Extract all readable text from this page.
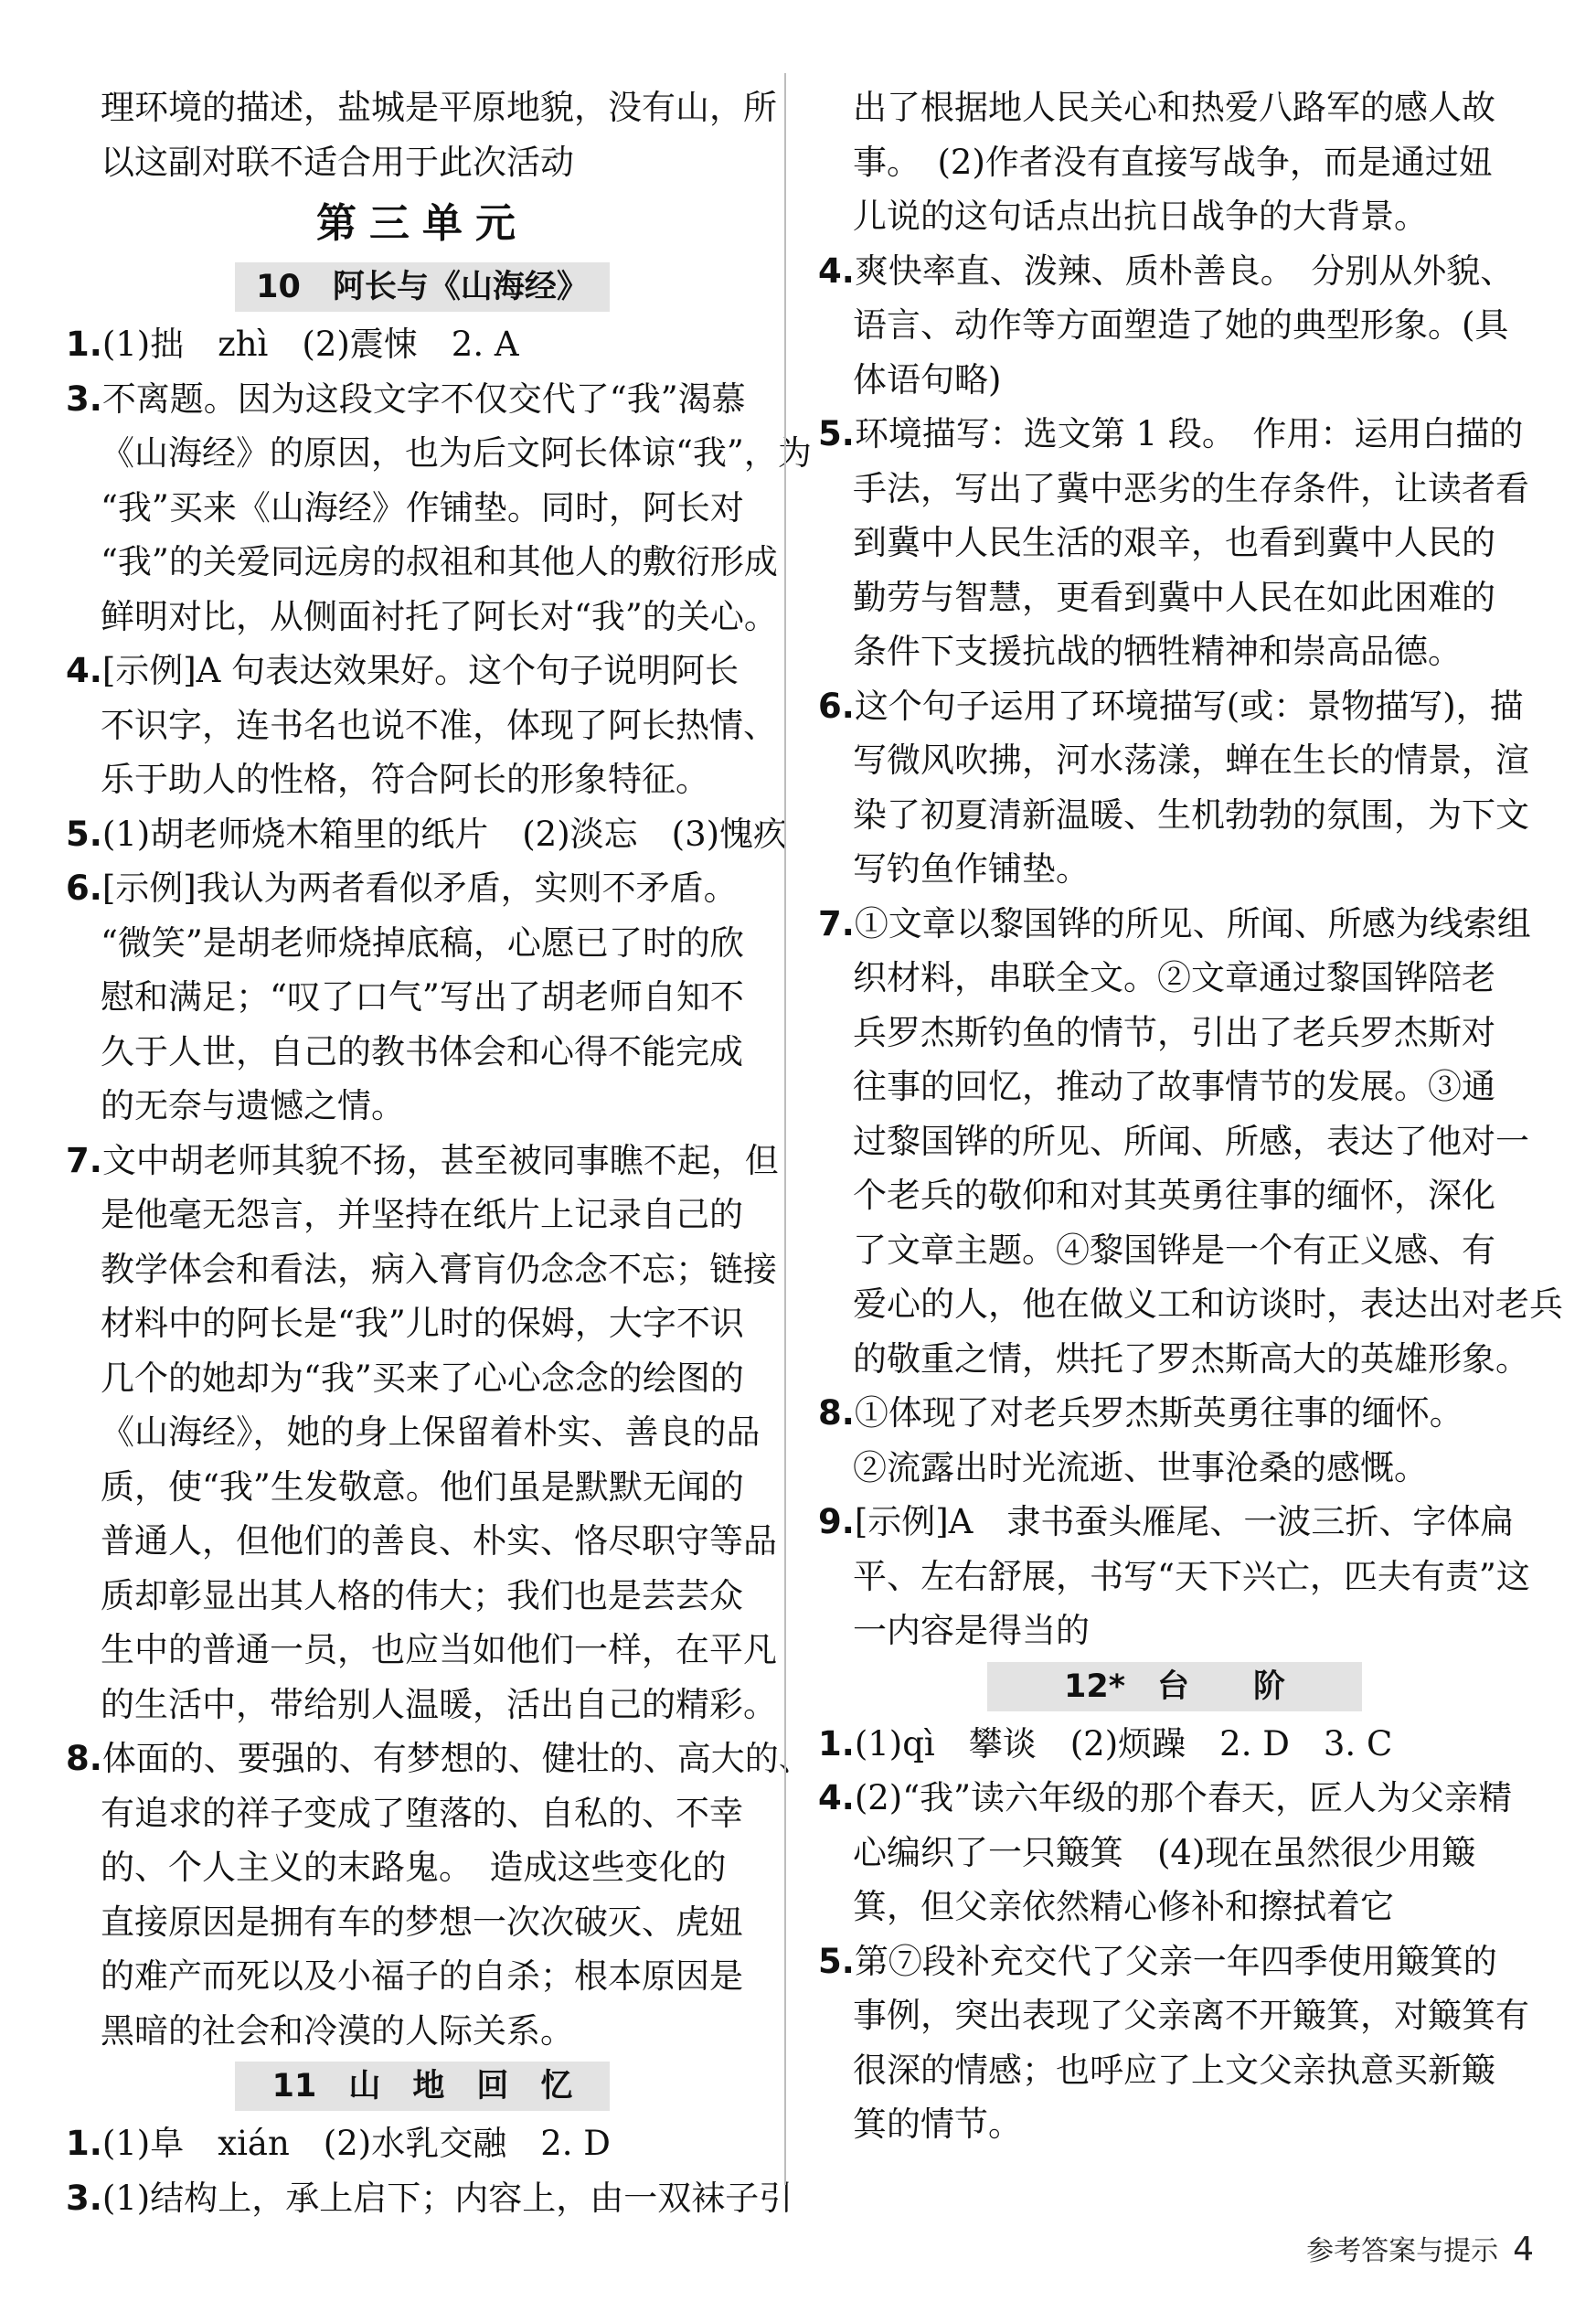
理环境的描述，盐城是平原地貌，没有山，所
以这副对联不适合用于此次活动
第三单元
10　阿长与《山海经》
1.(1)拙　zhì　(2)震悚　2. A
3.不离题。因为这段文字不仅交代了“我”渴慕
《山海经》的原因，也为后文阿长体谅“我”，为
“我”买来《山海经》作铺垫。同时，阿长对
“我”的关爱同远房的叔祖和其他人的敷衍形成
鲜明对比，从侧面衬托了阿长对“我”的关心。
4.[示例]A 句表达效果好。这个句子说明阿长
不识字，连书名也说不准，体现了阿长热情、
乐于助人的性格，符合阿长的形象特征。
5.(1)胡老师烧木箱里的纸片　(2)淡忘　(3)愧疚
6.[示例]我认为两者看似矛盾，实则不矛盾。
“微笑”是胡老师烧掉底稿，心愿已了时的欣
慰和满足；“叹了口气”写出了胡老师自知不
久于人世，自己的教书体会和心得不能完成
的无奈与遗憾之情。
7.文中胡老师其貌不扬，甚至被同事瞧不起，但
是他毫无怨言，并坚持在纸片上记录自己的
教学体会和看法，病入膏肓仍念念不忘；链接
材料中的阿长是“我”儿时的保姆，大字不识
几个的她却为“我”买来了心心念念的绘图的
《山海经》，她的身上保留着朴实、善良的品
质，使“我”生发敬意。他们虽是默默无闻的
普通人，但他们的善良、朴实、恪尽职守等品
质却彰显出其人格的伟大；我们也是芸芸众
生中的普通一员，也应当如他们一样，在平凡
的生活中，带给别人温暖，活出自己的精彩。
8.体面的、要强的、有梦想的、健壮的、高大的、
有追求的祥子变成了堕落的、自私的、不幸
的、个人主义的末路鬼。　造成这些变化的
直接原因是拥有车的梦想一次次破灭、虎妞
的难产而死以及小福子的自杀；根本原因是
黑暗的社会和冷漠的人际关系。
11　山　地　回　忆
1.(1)阜　xián　(2)水乳交融　2. D
3.(1)结构上，承上启下；内容上，由一双袜子引
出了根据地人民关心和热爱八路军的感人故
事。　(2)作者没有直接写战争，而是通过妞
儿说的这句话点出抗日战争的大背景。
4.爽快率直、泼辣、质朴善良。　分别从外貌、
语言、动作等方面塑造了她的典型形象。(具
体语句略)
5.环境描写：选文第 1 段。　作用：运用白描的
手法，写出了冀中恶劣的生存条件，让读者看
到冀中人民生活的艰辛，也看到冀中人民的
勤劳与智慧，更看到冀中人民在如此困难的
条件下支援抗战的牺牲精神和崇高品德。
6.这个句子运用了环境描写(或：景物描写)，描
写微风吹拂，河水荡漾，蝉在生长的情景，渲
染了初夏清新温暖、生机勃勃的氛围，为下文
写钓鱼作铺垫。
7.①文章以黎国铧的所见、所闻、所感为线索组
织材料，串联全文。②文章通过黎国铧陪老
兵罗杰斯钓鱼的情节，引出了老兵罗杰斯对
往事的回忆，推动了故事情节的发展。③通
过黎国铧的所见、所闻、所感，表达了他对一
个老兵的敬仰和对其英勇往事的缅怀，深化
了文章主题。④黎国铧是一个有正义感、有
爱心的人，他在做义工和访谈时，表达出对老兵
的敬重之情，烘托了罗杰斯高大的英雄形象。
8.①体现了对老兵罗杰斯英勇往事的缅怀。
②流露出时光流逝、世事沧桑的感慨。
9.[示例]A　隶书蚕头雁尾、一波三折、字体扁
平、左右舒展，书写“天下兴亡，匹夫有责”这
一内容是得当的
12*　台　　阶
1.(1)qì　攀谈　(2)烦躁　2. D　3. C
4.(2)“我”读六年级的那个春天，匠人为父亲精
心编织了一只簸箕　(4)现在虽然很少用簸
箕，但父亲依然精心修补和擦拭着它
5.第⑦段补充交代了父亲一年四季使用簸箕的
事例，突出表现了父亲离不开簸箕，对簸箕有
很深的情感；也呼应了上文父亲执意买新簸
箕的情节。
参考答案与提示 4
